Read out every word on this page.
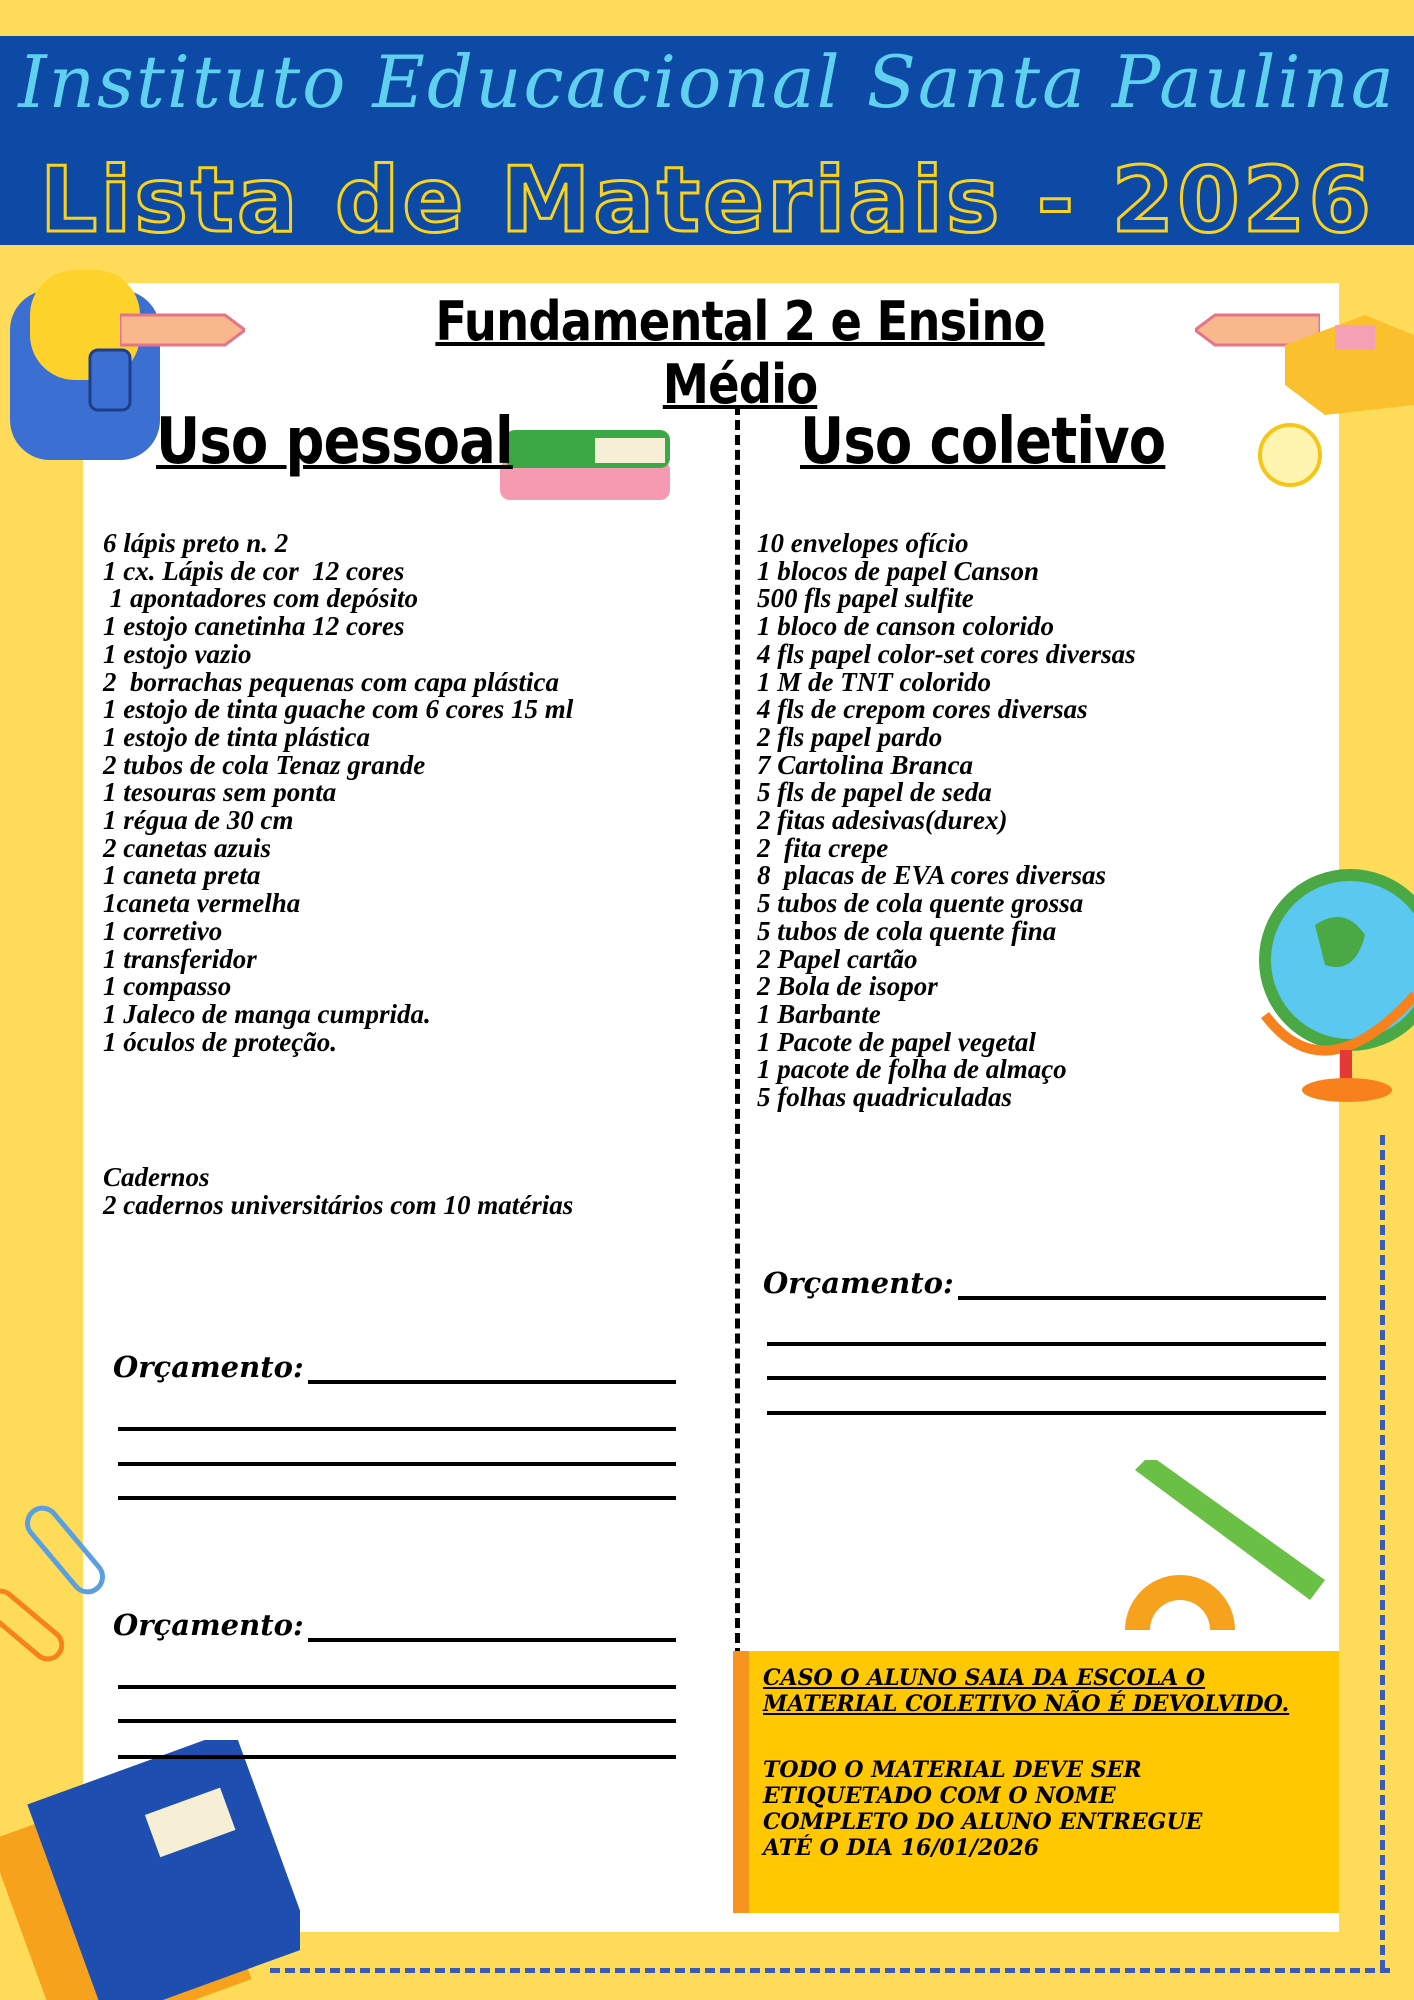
Instituto Educacional Santa Paulina
Lista de Materiais - 2026
Fundamental 2 e Ensino Médio
Uso pessoal	Uso coletivo
6 lápis preto n. 2
1 cx. Lápis de cor  12 cores
1 apontadores com depósito
1 estojo canetinha 12 cores
1 estojo vazio
2  borrachas pequenas com capa plástica
1 estojo de tinta guache com 6 cores 15 ml
1 estojo de tinta plástica
2 tubos de cola Tenaz grande
1 tesouras sem ponta
1 régua de 30 cm
2 canetas azuis
1 caneta preta
1caneta vermelha
1 corretivo
1 transferidor
1 compasso
1 Jaleco de manga cumprida.
1 óculos de proteção.
Cadernos
2 cadernos universitários com 10 matérias
10 envelopes ofício
1 blocos de papel Canson
500 fls papel sulfite
1 bloco de canson colorido
4 fls papel color-set cores diversas
1 M de TNT colorido
4 fls de crepom cores diversas
2 fls papel pardo
7 Cartolina Branca
5 fls de papel de seda
2 fitas adesivas(durex)
2  fita crepe
8  placas de EVA cores diversas
5 tubos de cola quente grossa
5 tubos de cola quente fina
2 Papel cartão
2 Bola de isopor
1 Barbante
1 Pacote de papel vegetal
1 pacote de folha de almaço
5 folhas quadriculadas
Orçamento:
Orçamento:
Orçamento:
CASO O ALUNO SAIA DA ESCOLA O MATERIAL COLETIVO NÃO É DEVOLVIDO.
TODO O MATERIAL DEVE SER ETIQUETADO COM O NOME COMPLETO DO ALUNO ENTREGUE ATÉ O DIA 16/01/2026
